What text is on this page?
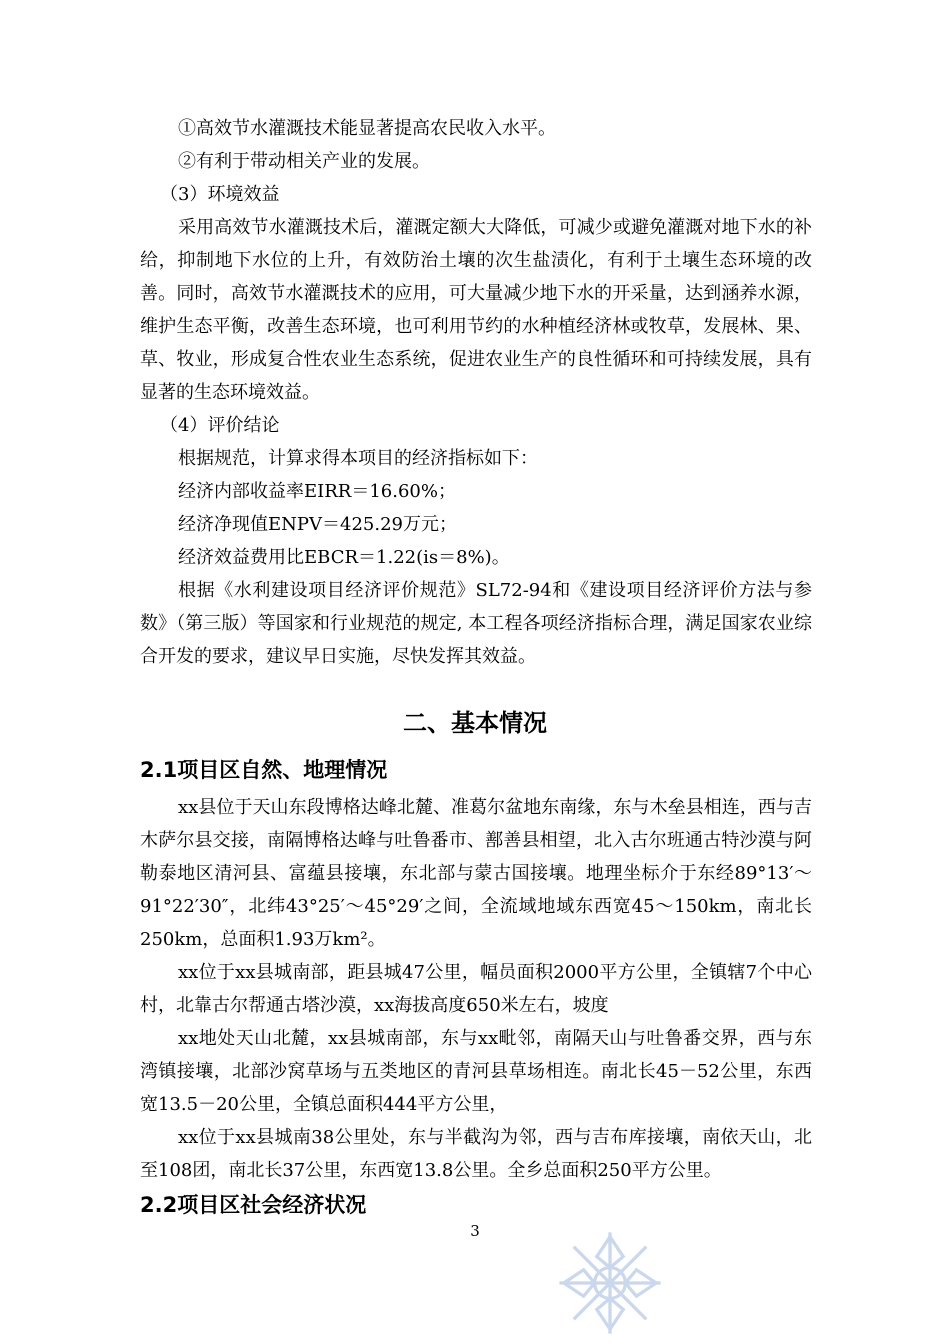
①高效节水灌溉技术能显著提高农民收入水平。

②有利于带动相关产业的发展。

（3）环境效益

采用高效节水灌溉技术后，灌溉定额大大降低，可减少或避免灌溉对地下水的补给，抑制地下水位的上升，有效防治土壤的次生盐渍化，有利于土壤生态环境的改善。同时，高效节水灌溉技术的应用，可大量减少地下水的开采量，达到涵养水源，维护生态平衡，改善生态环境，也可利用节约的水种植经济林或牧草，发展林、果、草、牧业，形成复合性农业生态系统，促进农业生产的良性循环和可持续发展，具有显著的生态环境效益。

（4）评价结论

根据规范，计算求得本项目的经济指标如下：

经济内部收益率EIRR＝16.60%；

经济净现值ENPV＝425.29万元；

经济效益费用比EBCR＝1.22(is＝8%)。

根据《水利建设项目经济评价规范》SL72-94和《建设项目经济评价方法与参数》（第三版）等国家和行业规范的规定, 本工程各项经济指标合理，满足国家农业综合开发的要求，建议早日实施，尽快发挥其效益。

二、基本情况
2.1项目区自然、地理情况

xx县位于天山东段博格达峰北麓、准葛尔盆地东南缘，东与木垒县相连，西与吉木萨尔县交接，南隔博格达峰与吐鲁番市、鄯善县相望，北入古尔班通古特沙漠与阿勒泰地区清河县、富蕴县接壤，东北部与蒙古国接壤。地理坐标介于东经89°13′～91°22′30″，北纬43°25′～45°29′之间，全流域地域东西宽45～150km，南北长250km，总面积1.93万km²。

xx位于xx县城南部，距县城47公里，幅员面积2000平方公里，全镇辖7个中心村，北靠古尔帮通古塔沙漠，xx海拔高度650米左右，坡度

xx地处天山北麓，xx县城南部，东与xx毗邻，南隔天山与吐鲁番交界，西与东湾镇接壤，北部沙窝草场与五类地区的青河县草场相连。南北长45－52公里，东西宽13.5－20公里，全镇总面积444平方公里，

xx位于xx县城南38公里处，东与半截沟为邻，西与吉布库接壤，南依天山，北至108团，南北长37公里，东西宽13.8公里。全乡总面积250平方公里。

2.2项目区社会经济状况
3
